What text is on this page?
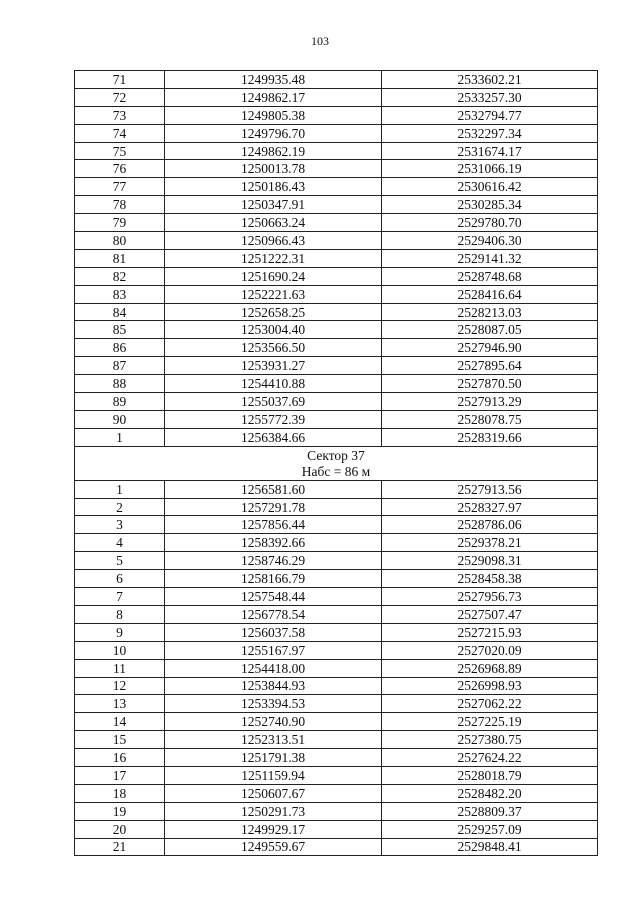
103
71	1249935.48	2533602.21
72	1249862.17	2533257.30
73	1249805.38	2532794.77
74	1249796.70	2532297.34
75	1249862.19	2531674.17
76	1250013.78	2531066.19
77	1250186.43	2530616.42
78	1250347.91	2530285.34
79	1250663.24	2529780.70
80	1250966.43	2529406.30
81	1251222.31	2529141.32
82	1251690.24	2528748.68
83	1252221.63	2528416.64
84	1252658.25	2528213.03
85	1253004.40	2528087.05
86	1253566.50	2527946.90
87	1253931.27	2527895.64
88	1254410.88	2527870.50
89	1255037.69	2527913.29
90	1255772.39	2528078.75
1	1256384.66	2528319.66

Сектор 37
Набс = 86 м		

1	1256581.60	2527913.56
2	1257291.78	2528327.97
3	1257856.44	2528786.06
4	1258392.66	2529378.21
5	1258746.29	2529098.31
6	1258166.79	2528458.38
7	1257548.44	2527956.73
8	1256778.54	2527507.47
9	1256037.58	2527215.93
10	1255167.97	2527020.09
11	1254418.00	2526968.89
12	1253844.93	2526998.93
13	1253394.53	2527062.22
14	1252740.90	2527225.19
15	1252313.51	2527380.75
16	1251791.38	2527624.22
17	1251159.94	2528018.79
18	1250607.67	2528482.20
19	1250291.73	2528809.37
20	1249929.17	2529257.09
21	1249559.67	2529848.41
